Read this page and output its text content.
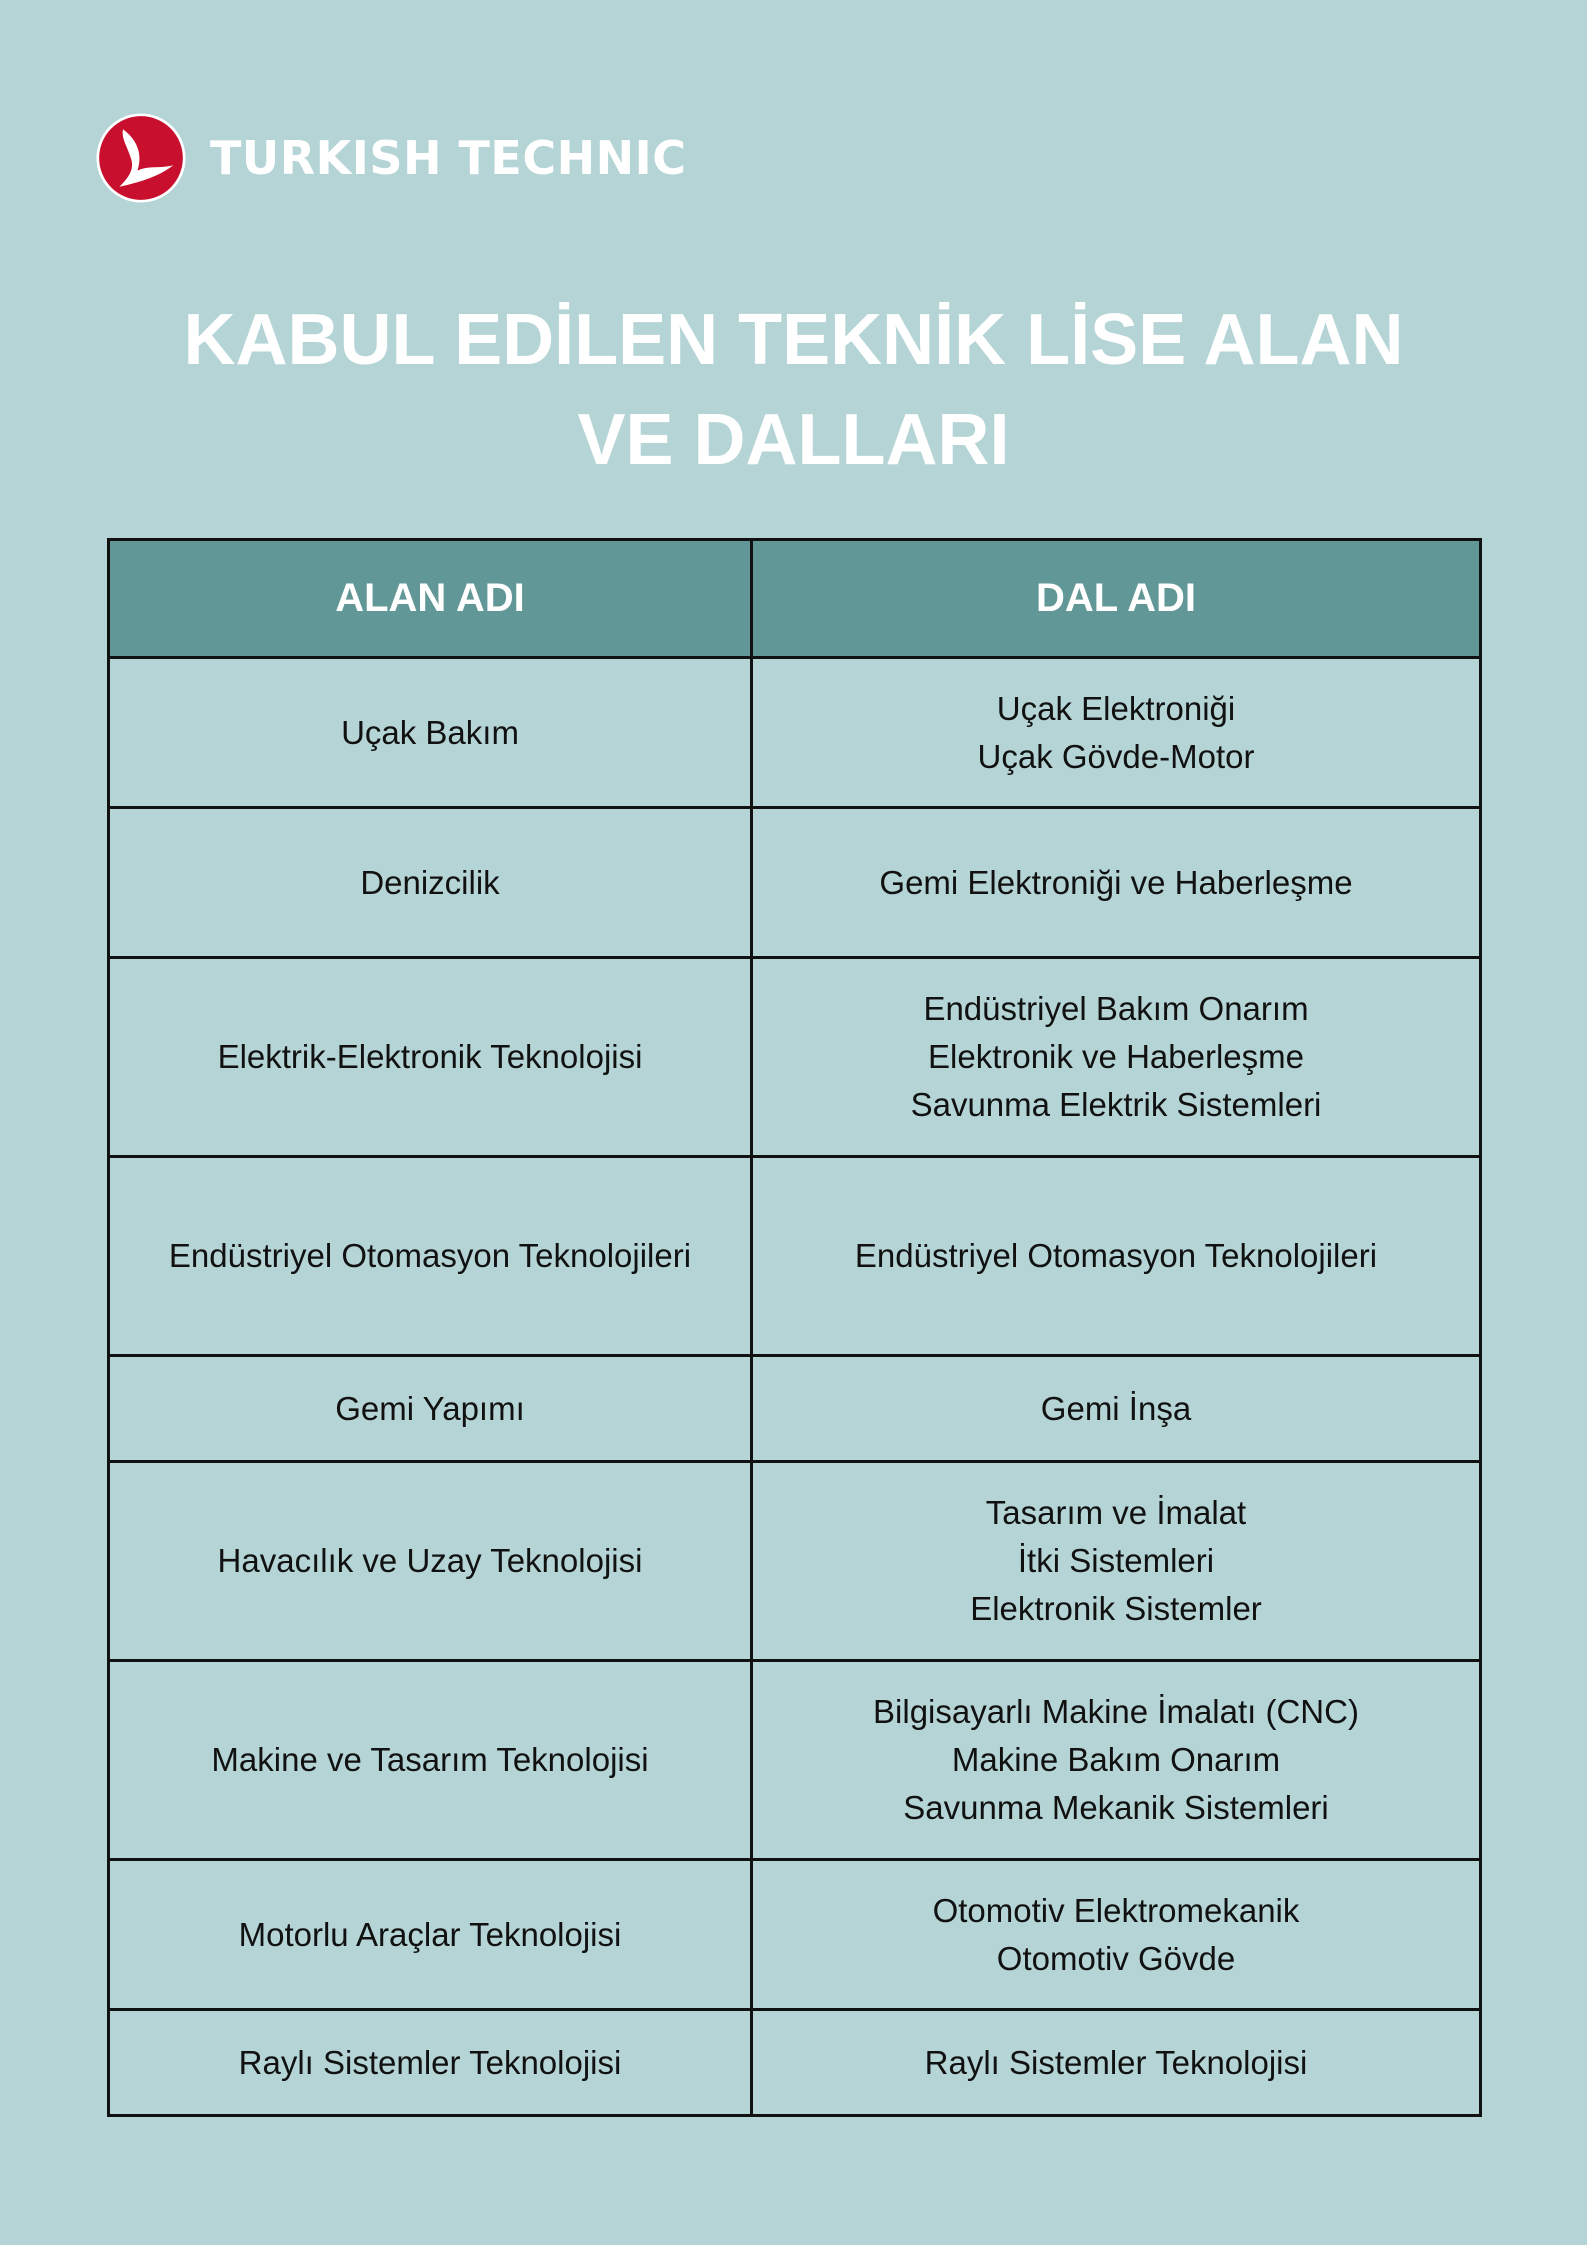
TURKISH TECHNIC
KABUL EDİLEN TEKNİK LİSE ALAN
VE DALLARI
ALAN ADI	DAL ADI
Uçak Bakım	Uçak Elektroniği
Uçak Gövde-Motor

Denizcilik	Gemi Elektroniği ve Haberleşme

Elektrik-Elektronik Teknolojisi	Endüstriyel Bakım Onarım
Elektronik ve Haberleşme
Savunma Elektrik Sistemleri

Endüstriyel Otomasyon Teknolojileri	Endüstriyel Otomasyon Teknolojileri

Gemi Yapımı	Gemi İnşa

Havacılık ve Uzay Teknolojisi	Tasarım ve İmalat
İtki Sistemleri
Elektronik Sistemler

Makine ve Tasarım Teknolojisi	Bilgisayarlı Makine İmalatı (CNC)
Makine Bakım Onarım
Savunma Mekanik Sistemleri

Motorlu Araçlar Teknolojisi	Otomotiv Elektromekanik
Otomotiv Gövde

Raylı Sistemler Teknolojisi	Raylı Sistemler Teknolojisi
